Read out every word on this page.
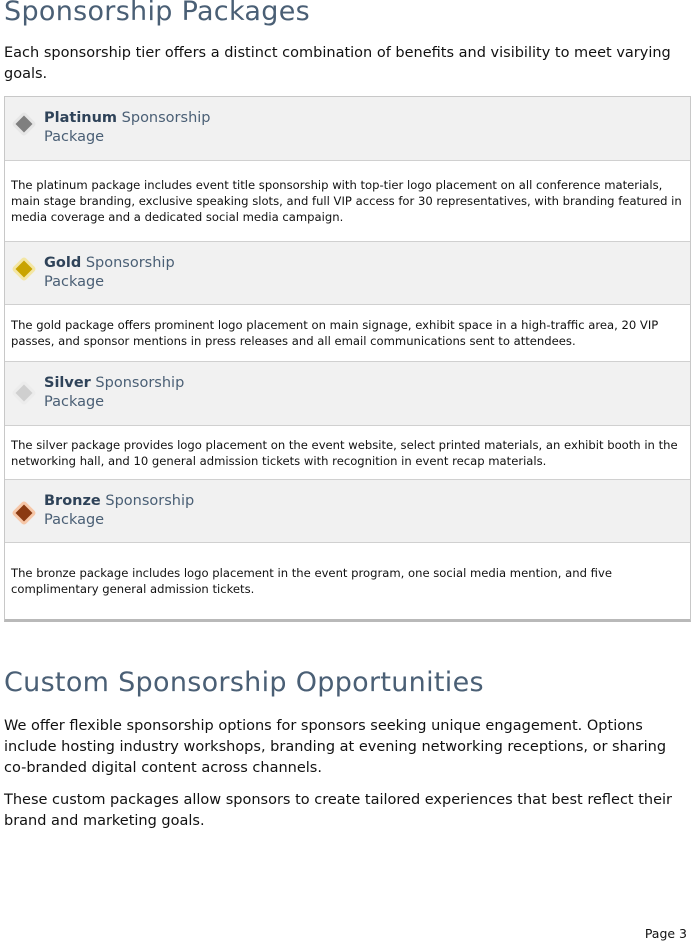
Sponsorship Packages

Each sponsorship tier offers a distinct combination of benefits and visibility to meet varying goals.

Platinum Sponsorship
Package
The platinum package includes event title sponsorship with top-tier logo placement on all conference materials, main stage branding, exclusive speaking slots, and full VIP access for 30 representatives, with branding featured in media coverage and a dedicated social media campaign.
Gold Sponsorship
Package
The gold package offers prominent logo placement on main signage, exhibit space in a high-traffic area, 20 VIP passes, and sponsor mentions in press releases and all email communications sent to attendees.
Silver Sponsorship
Package
The silver package provides logo placement on the event website, select printed materials, an exhibit booth in the networking hall, and 10 general admission tickets with recognition in event recap materials.
Bronze Sponsorship
Package
The bronze package includes logo placement in the event program, one social media mention, and five complimentary general admission tickets.
Custom Sponsorship Opportunities

We offer flexible sponsorship options for sponsors seeking unique engagement. Options include hosting industry workshops, branding at evening networking receptions, or sharing co-branded digital content across channels.

These custom packages allow sponsors to create tailored experiences that best reflect their brand and marketing goals.

Page 3
